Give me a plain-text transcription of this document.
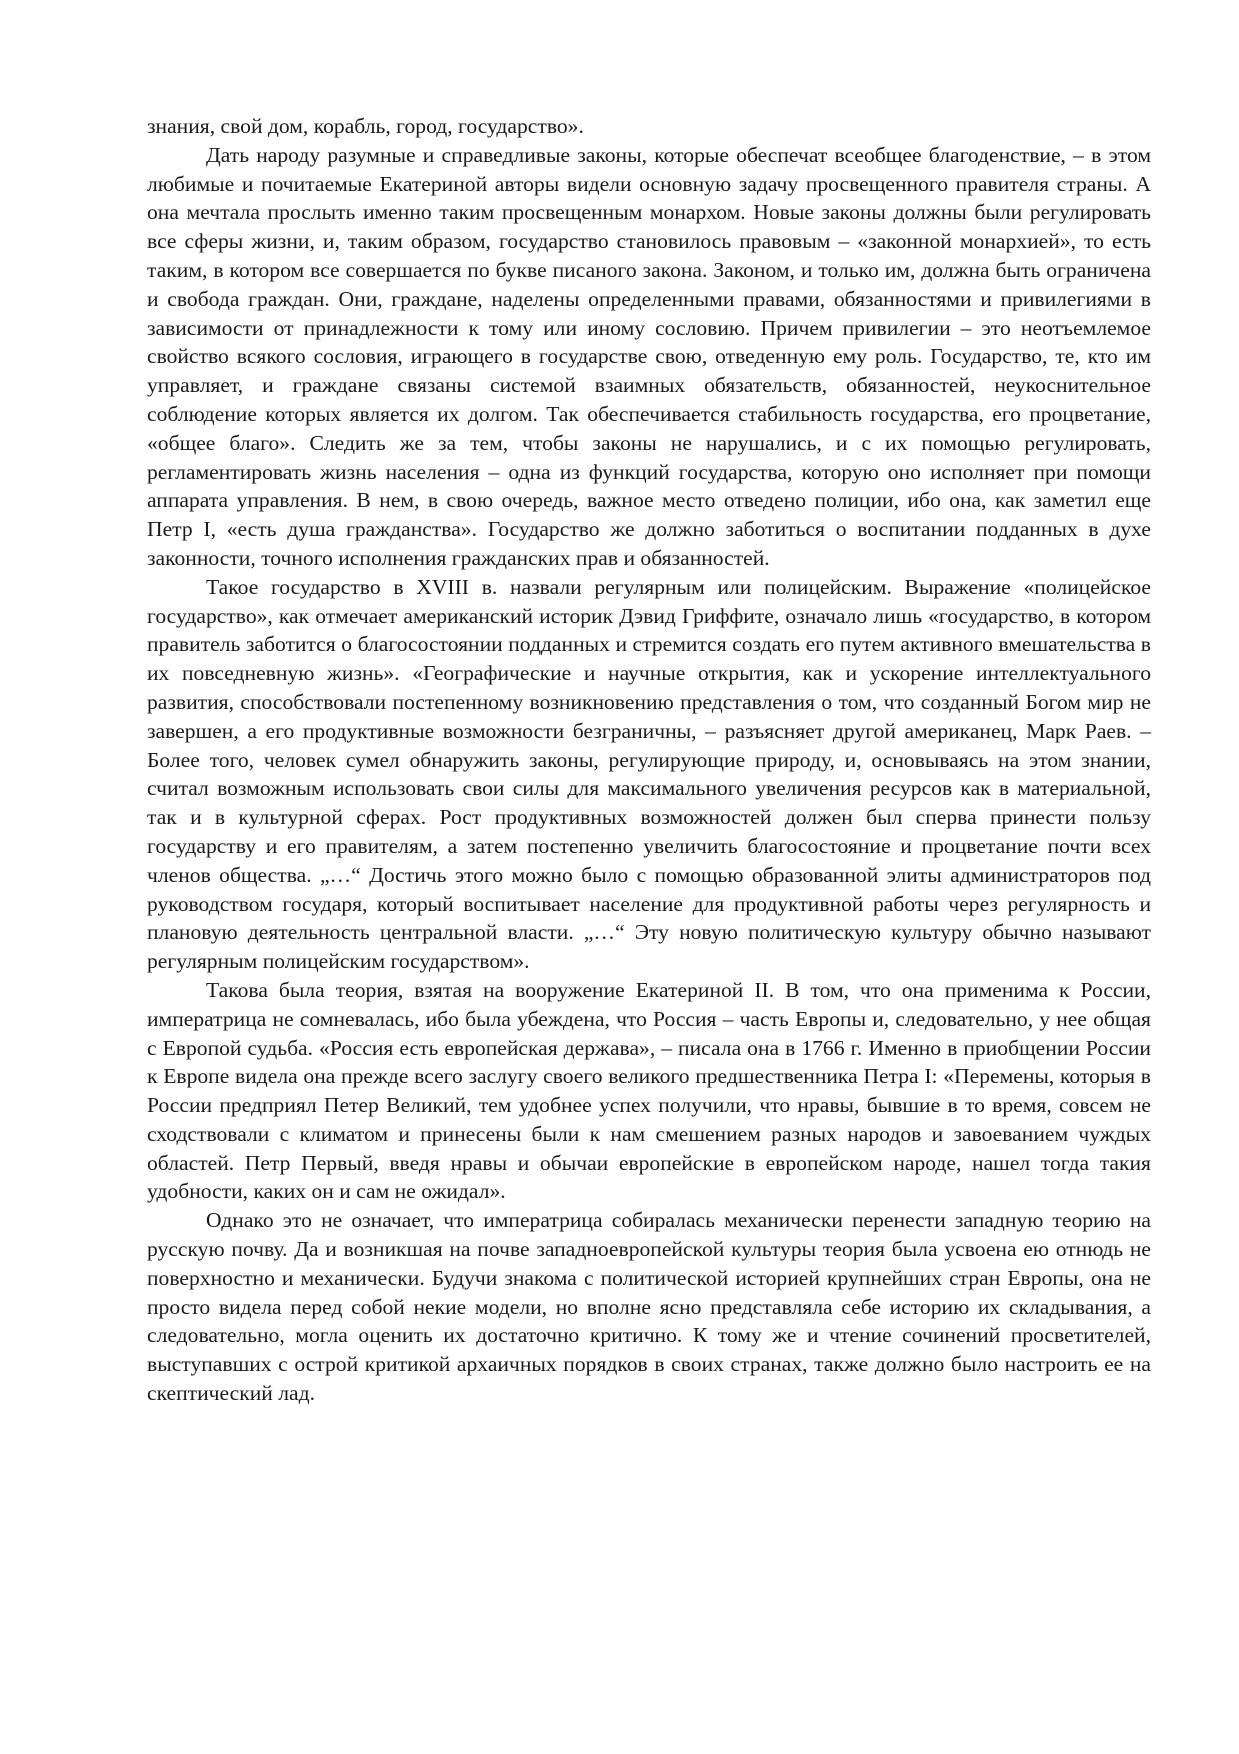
знания, свой дом, корабль, город, государство».

Дать народу разумные и справедливые законы, которые обеспечат всеобщее благоденствие, – в этом любимые и почитаемые Екатериной авторы видели основную задачу просвещенного правителя страны. А она мечтала прослыть именно таким просвещенным монархом. Новые законы должны были регулировать все сферы жизни, и, таким образом, государство становилось правовым – «законной монархией», то есть таким, в котором все совершается по букве писаного закона. Законом, и только им, должна быть ограничена и свобода граждан. Они, граждане, наделены определенными правами, обязанностями и привилегиями в зависимости от принадлежности к тому или иному сословию. Причем привилегии – это неотъемлемое свойство всякого сословия, играющего в государстве свою, отведенную ему роль. Государство, те, кто им управляет, и граждане связаны системой взаимных обязательств, обязанностей, неукоснительное соблюдение которых является их долгом. Так обеспечивается стабильность государства, его процветание, «общее благо». Следить же за тем, чтобы законы не нарушались, и с их помощью регулировать, регламентировать жизнь населения – одна из функций государства, которую оно исполняет при помощи аппарата управления. В нем, в свою очередь, важное место отведено полиции, ибо она, как заметил еще Петр I, «есть душа гражданства». Государство же должно заботиться о воспитании подданных в духе законности, точного исполнения гражданских прав и обязанностей.

Такое государство в XVIII в. назвали регулярным или полицейским. Выражение «полицейское государство», как отмечает американский историк Дэвид Гриффите, означало лишь «государство, в котором правитель заботится о благосостоянии подданных и стремится создать его путем активного вмешательства в их повседневную жизнь». «Географические и научные открытия, как и ускорение интеллектуального развития, способствовали постепенному возникновению представления о том, что созданный Богом мир не завершен, а его продуктивные возможности безграничны, – разъясняет другой американец, Марк Раев. – Более того, человек сумел обнаружить законы, регулирующие природу, и, основываясь на этом знании, считал возможным использовать свои силы для максимального увеличения ресурсов как в материальной, так и в культурной сферах. Рост продуктивных возможностей должен был сперва принести пользу государству и его правителям, а затем постепенно увеличить благосостояние и процветание почти всех членов общества. „…“ Достичь этого можно было с помощью образованной элиты администраторов под руководством государя, который воспитывает население для продуктивной работы через регулярность и плановую деятельность центральной власти. „…“ Эту новую политическую культуру обычно называют регулярным полицейским государством».

Такова была теория, взятая на вооружение Екатериной II. В том, что она применима к России, императрица не сомневалась, ибо была убеждена, что Россия – часть Европы и, следовательно, у нее общая с Европой судьба. «Россия есть европейская держава», – писала она в 1766 г. Именно в приобщении России к Европе видела она прежде всего заслугу своего великого предшественника Петра I: «Перемены, которыя в России предприял Петер Великий, тем удобнее успех получили, что нравы, бывшие в то время, совсем не сходствовали с климатом и принесены были к нам смешением разных народов и завоеванием чуждых областей. Петр Первый, введя нравы и обычаи европейские в европейском народе, нашел тогда такия удобности, каких он и сам не ожидал».

Однако это не означает, что императрица собиралась механически перенести западную теорию на русскую почву. Да и возникшая на почве западноевропейской культуры теория была усвоена ею отнюдь не поверхностно и механически. Будучи знакома с политической историей крупнейших стран Европы, она не просто видела перед собой некие модели, но вполне ясно представляла себе историю их складывания, а следовательно, могла оценить их достаточно критично. К тому же и чтение сочинений просветителей, выступавших с острой критикой архаичных порядков в своих странах, также должно было настроить ее на скептический лад.
